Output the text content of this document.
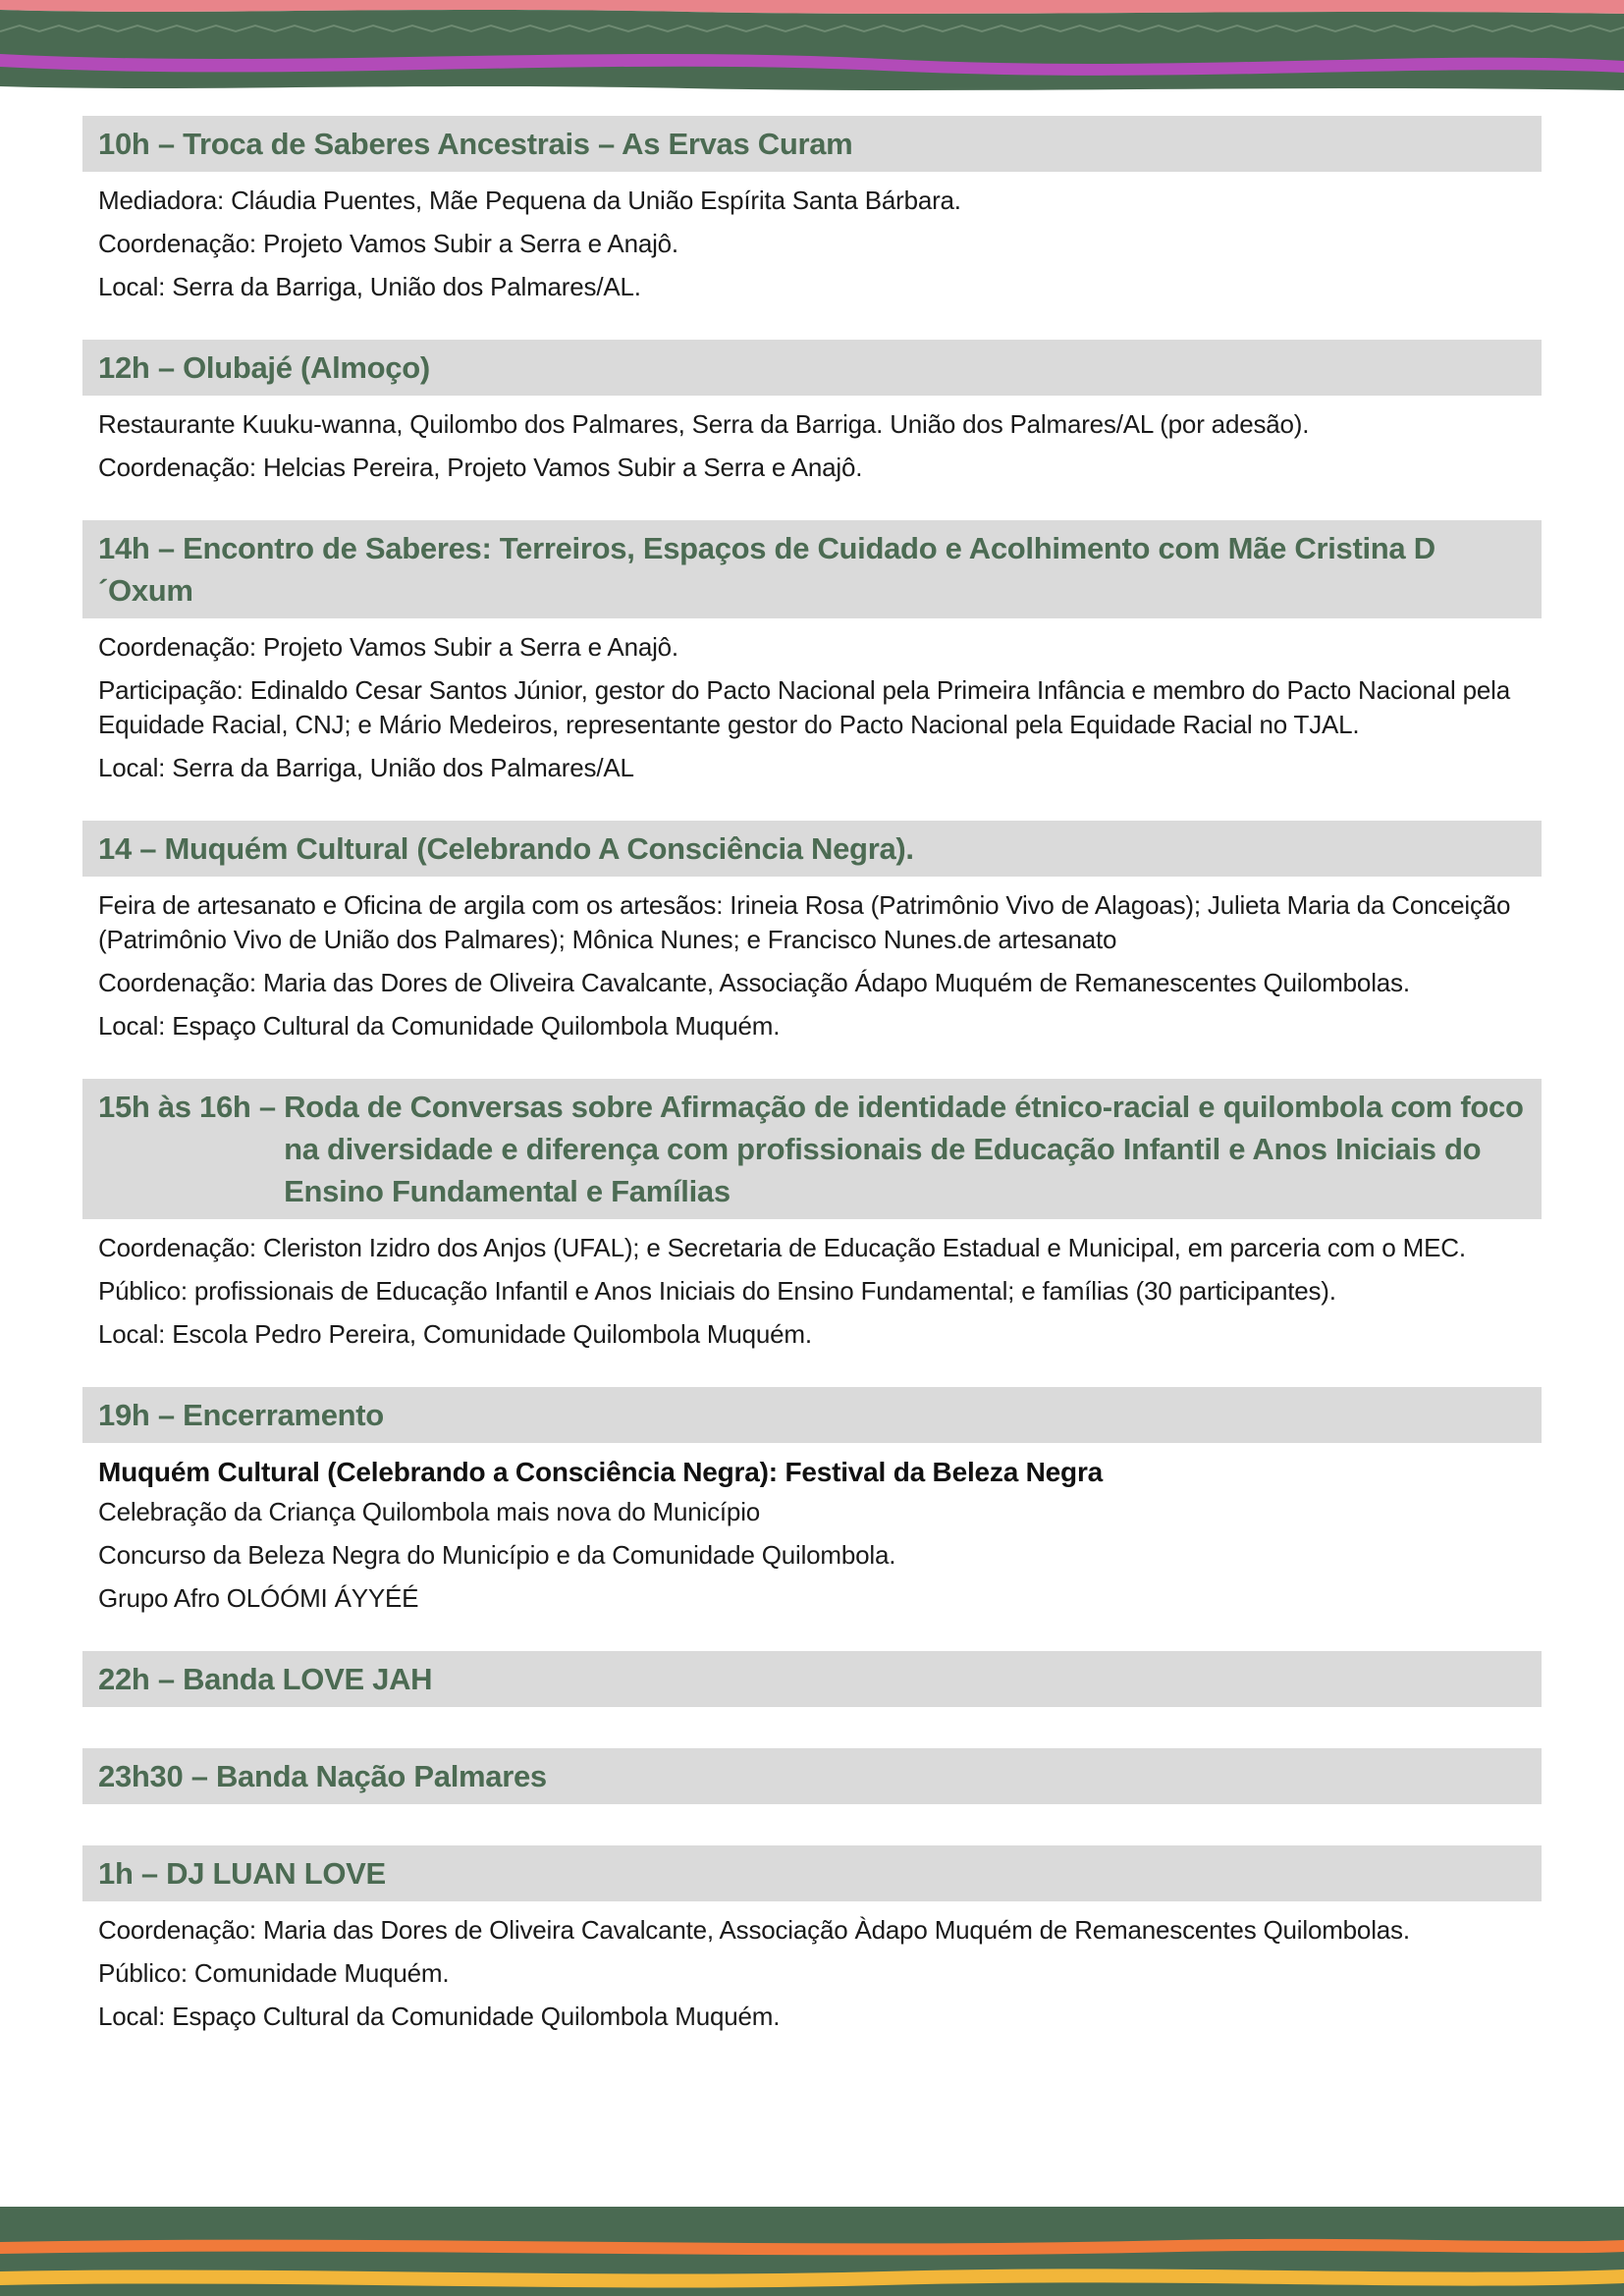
10h – Troca de Saberes Ancestrais – As Ervas Curam
Mediadora: Cláudia Puentes, Mãe Pequena da União Espírita Santa Bárbara.
Coordenação: Projeto Vamos Subir a Serra e Anajô.
Local: Serra da Barriga, União dos Palmares/AL.
12h – Olubajé (Almoço)
Restaurante Kuuku-wanna, Quilombo dos Palmares, Serra da Barriga. União dos Palmares/AL (por adesão).
Coordenação: Helcias Pereira, Projeto Vamos Subir a Serra e Anajô.
14h – Encontro de Saberes: Terreiros, Espaços de Cuidado e Acolhimento com Mãe Cristina D´Oxum
Coordenação: Projeto Vamos Subir a Serra e Anajô.
Participação: Edinaldo Cesar Santos Júnior, gestor do Pacto Nacional pela Primeira Infância e membro do Pacto Nacional pela Equidade Racial, CNJ; e Mário Medeiros, representante gestor do Pacto Nacional pela Equidade Racial no TJAL.
Local: Serra da Barriga, União dos Palmares/AL
14 – Muquém Cultural (Celebrando A Consciência Negra).
Feira de artesanato e Oficina de argila com os artesãos: Irineia Rosa (Patrimônio Vivo de Alagoas); Julieta Maria da Conceição (Patrimônio Vivo de União dos Palmares); Mônica Nunes; e Francisco Nunes.de artesanato
Coordenação: Maria das Dores de Oliveira Cavalcante, Associação Ádapo Muquém de Remanescentes Quilombolas.
Local: Espaço Cultural da Comunidade Quilombola Muquém.
15h às 16h – Roda de Conversas sobre Afirmação de identidade étnico-racial e quilombola com foco na diversidade e diferença com profissionais de Educação Infantil e Anos Iniciais do Ensino Fundamental e Famílias
Coordenação: Cleriston Izidro dos Anjos (UFAL); e Secretaria de Educação Estadual e Municipal, em parceria com o MEC.
Público: profissionais de Educação Infantil e Anos Iniciais do Ensino Fundamental; e famílias (30 participantes).
Local: Escola Pedro Pereira, Comunidade Quilombola Muquém.
19h – Encerramento
Muquém Cultural (Celebrando a Consciência Negra): Festival da Beleza Negra
Celebração da Criança Quilombola mais nova do Município
Concurso da Beleza Negra do Município e da Comunidade Quilombola.
Grupo Afro OLÓÓMI ÁYYÉÉ
22h – Banda LOVE JAH
23h30 – Banda Nação Palmares
1h – DJ LUAN LOVE
Coordenação: Maria das Dores de Oliveira Cavalcante, Associação Àdapo Muquém de Remanescentes Quilombolas.
Público: Comunidade Muquém.
Local: Espaço Cultural da Comunidade Quilombola Muquém.
